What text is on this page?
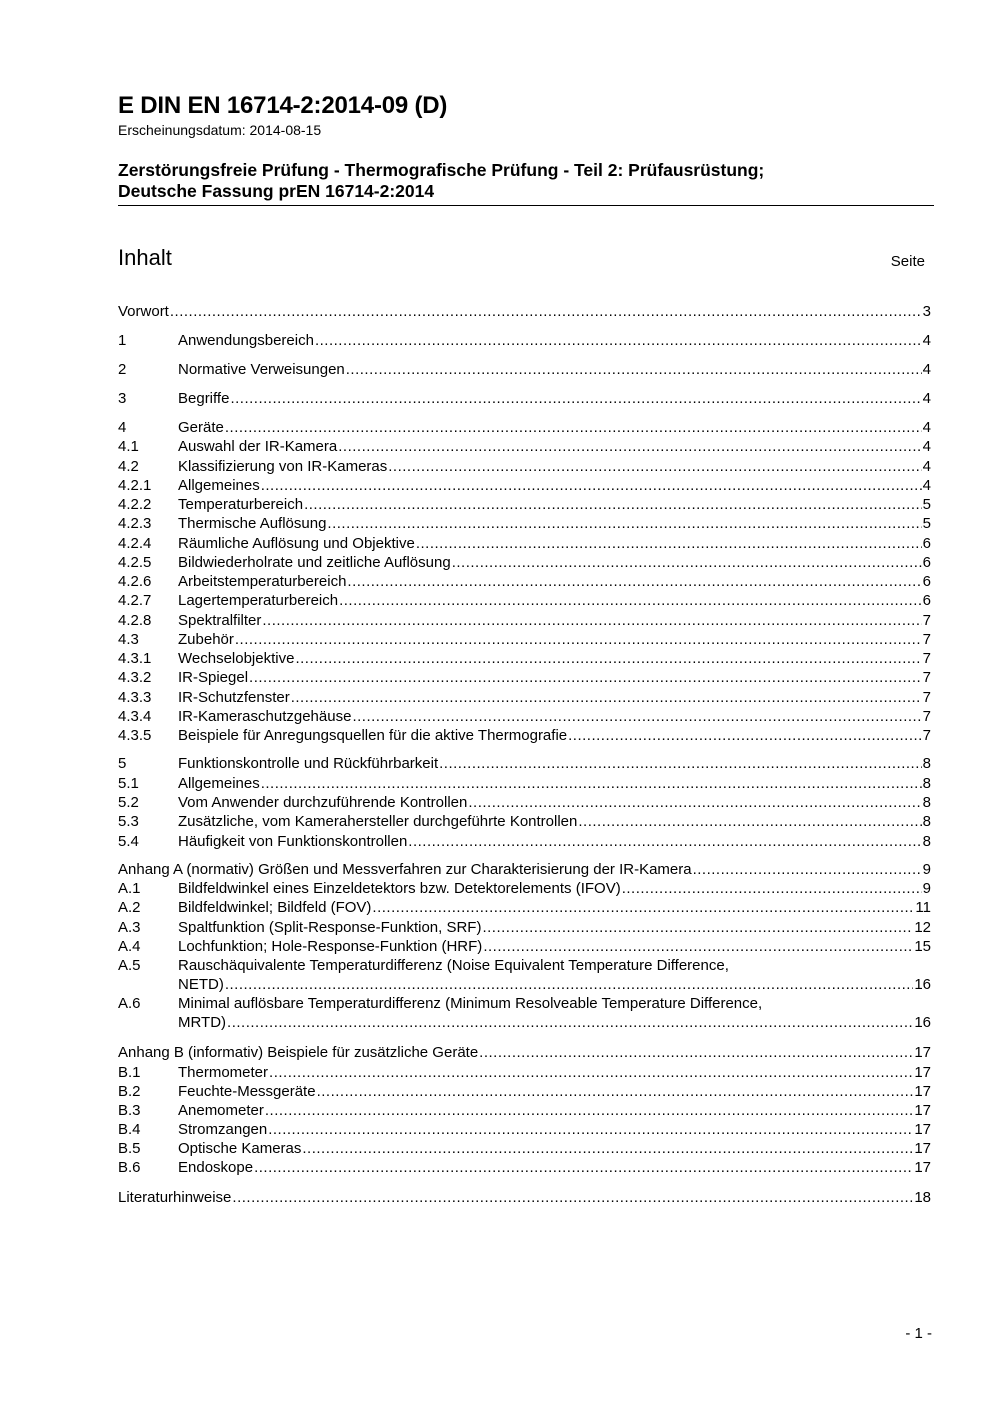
E DIN EN 16714-2:2014-09 (D)
Erscheinungsdatum: 2014-08-15
Zerstörungsfreie Prüfung - Thermografische Prüfung - Teil 2: Prüfausrüstung;
Deutsche Fassung prEN 16714-2:2014
Inhalt	Seite
Vorwort .....	3
1	Anwendungsbereich .....	4
2	Normative Verweisungen .....	4
3	Begriffe .....	4
4	Geräte .....	4
4.1	Auswahl der IR-Kamera .....	4
4.2	Klassifizierung von IR-Kameras .....	4
4.2.1 Allgemeines .....	4
4.2.2 Temperaturbereich .....	5
4.2.3 Thermische Auflösung .....	5
4.2.4 Räumliche Auflösung und Objektive .....	6
4.2.5 Bildwiederholrate und zeitliche Auflösung .....	6
4.2.6 Arbeitstemperaturbereich .....	6
4.2.7 Lagertemperaturbereich .....	6
4.2.8 Spektralfilter .....	7
4.3	Zubehör .....	7
4.3.1 Wechselobjektive .....	7
4.3.2 IR-Spiegel .....	7
4.3.3 IR-Schutzfenster .....	7
4.3.4 IR-Kameraschutzgehäuse .....	7
4.3.5 Beispiele für Anregungsquellen für die aktive Thermografie .....	7
5	Funktionskontrolle und Rückführbarkeit .....	8
5.1	Allgemeines .....	8
5.2	Vom Anwender durchzuführende Kontrollen .....	8
5.3	Zusätzliche, vom Kamerahersteller durchgeführte Kontrollen .....	8
5.4	Häufigkeit von Funktionskontrollen .....	8
Anhang A (normativ) Größen und Messverfahren zur Charakterisierung der IR-Kamera .....	9
A.1 Bildfeldwinkel eines Einzeldetektors bzw. Detektorelements (IFOV) .....	9
A.2 Bildfeldwinkel; Bildfeld (FOV) .....	11
A.3 Spaltfunktion (Split-Response-Funktion, SRF) .....	12
A.4 Lochfunktion; Hole-Response-Funktion (HRF) .....	15
A.5 Rauschäquivalente Temperaturdifferenz (Noise Equivalent Temperature Difference,
NETD) .....	16
A.6 Minimal auflösbare Temperaturdifferenz (Minimum Resolveable Temperature Difference,
MRTD) .....	16
Anhang B (informativ) Beispiele für zusätzliche Geräte .....	17
B.1 Thermometer .....	17
B.2 Feuchte-Messgeräte .....	17
B.3 Anemometer .....	17
B.4 Stromzangen .....	17
B.5 Optische Kameras .....	17
B.6 Endoskope .....	17
Literaturhinweise .....	18
- 1 -
